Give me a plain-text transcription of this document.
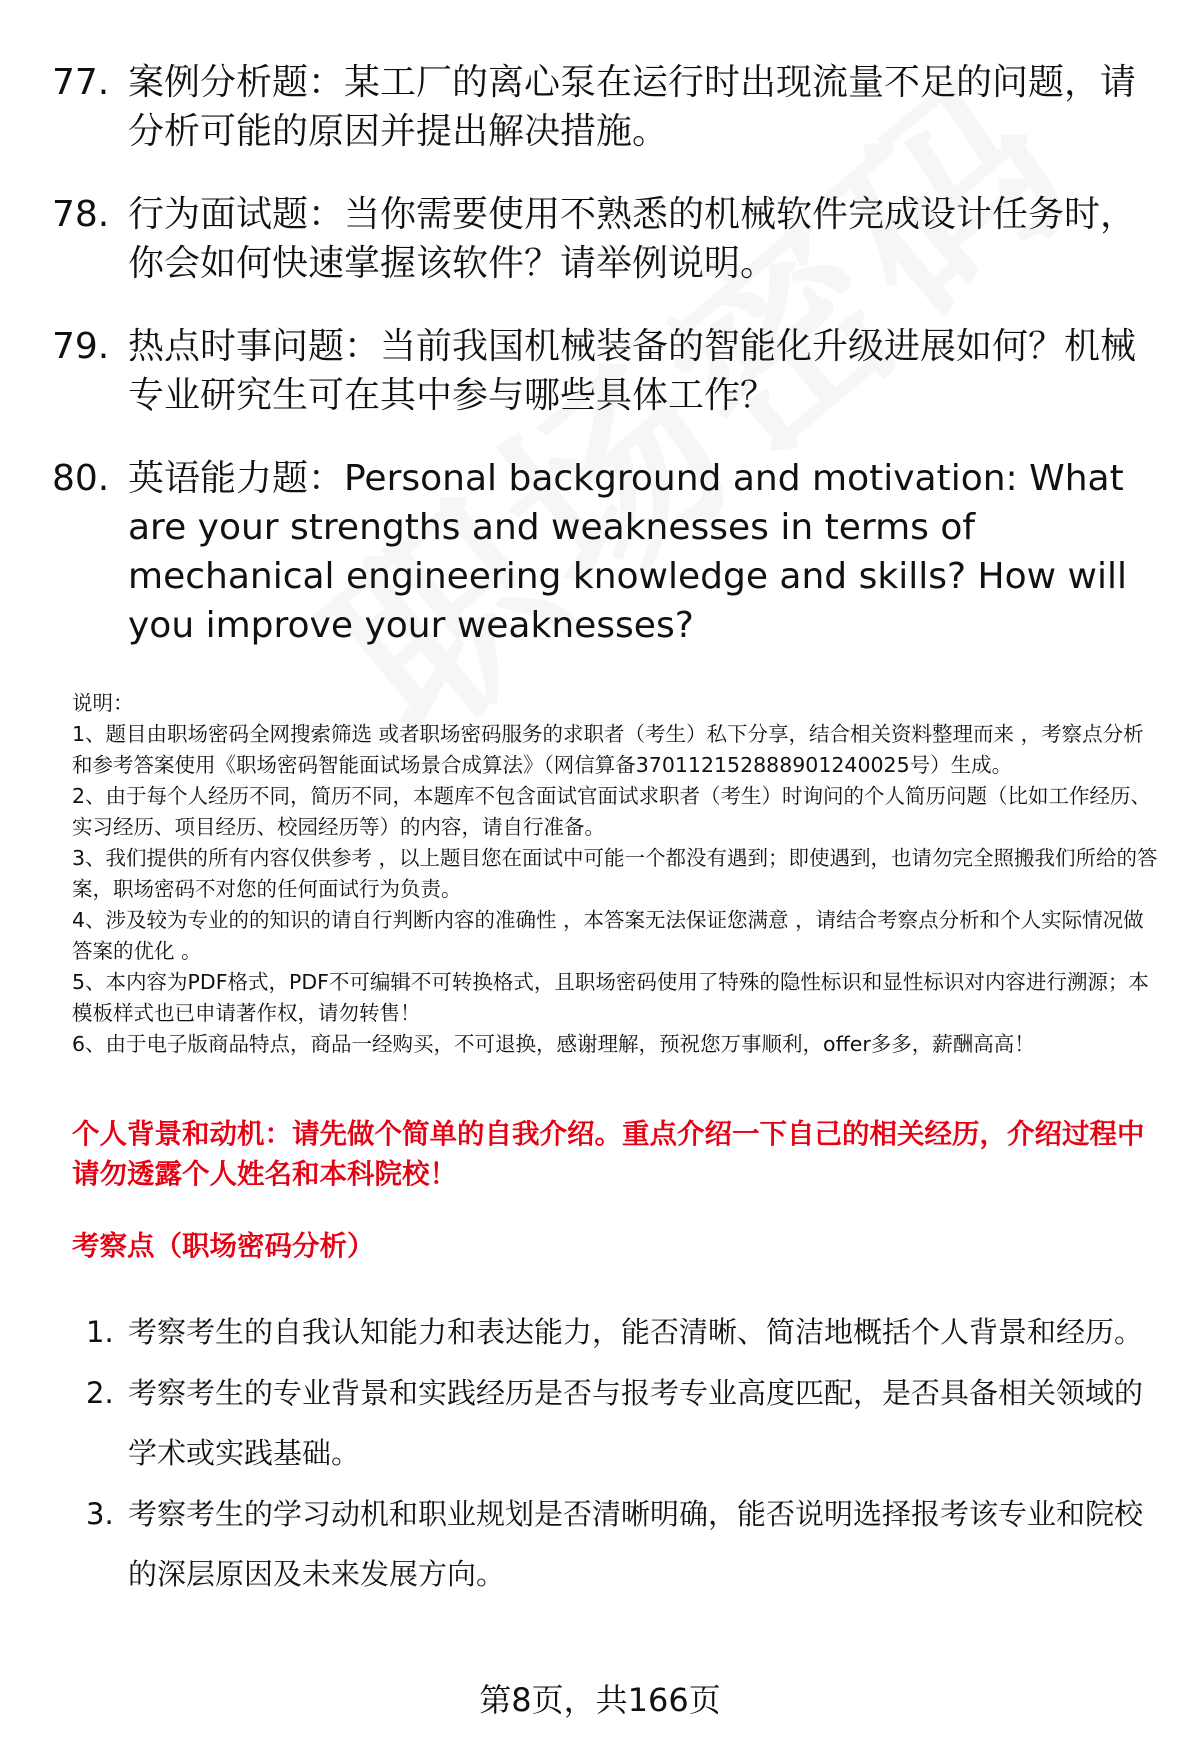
77. 案例分析题：某工厂的离心泵在运行时出现流量不足的问题，请分析可能的原因并提出解决措施。
78. 行为面试题：当你需要使用不熟悉的机械软件完成设计任务时，你会如何快速掌握该软件？请举例说明。
79. 热点时事问题：当前我国机械装备的智能化升级进展如何？机械专业研究生可在其中参与哪些具体工作？
80. 英语能力题：Personal background and motivation: What are your strengths and weaknesses in terms of mechanical engineering knowledge and skills? How will you improve your weaknesses?
说明：
1、题目由职场密码全网搜索筛选 或者职场密码服务的求职者（考生）私下分享，结合相关资料整理而来 ，考察点分析和参考答案使用《职场密码智能面试场景合成算法》（网信算备370112152888901240025号）生成。
2、由于每个人经历不同，简历不同，本题库不包含面试官面试求职者（考生）时询问的个人简历问题（比如工作经历、实习经历、项目经历、校园经历等）的内容，请自行准备。
3、我们提供的所有内容仅供参考 ，以上题目您在面试中可能一个都没有遇到；即使遇到，也请勿完全照搬我们所给的答案，职场密码不对您的任何面试行为负责。
4、涉及较为专业的的知识的请自行判断内容的准确性 ，本答案无法保证您满意 ，请结合考察点分析和个人实际情况做答案的优化 。
5、本内容为PDF格式，PDF不可编辑不可转换格式，且职场密码使用了特殊的隐性标识和显性标识对内容进行溯源；本模板样式也已申请著作权，请勿转售！
6、由于电子版商品特点，商品一经购买，不可退换，感谢理解，预祝您万事顺利，offer多多，薪酬高高！
个人背景和动机：请先做个简单的自我介绍。重点介绍一下自己的相关经历，介绍过程中请勿透露个人姓名和本科院校！
考察点（职场密码分析）
1. 考察考生的自我认知能力和表达能力，能否清晰、简洁地概括个人背景和经历。
2. 考察考生的专业背景和实践经历是否与报考专业高度匹配，是否具备相关领域的学术或实践基础。
3. 考察考生的学习动机和职业规划是否清晰明确，能否说明选择报考该专业和院校的深层原因及未来发展方向。
第8页，共166页
